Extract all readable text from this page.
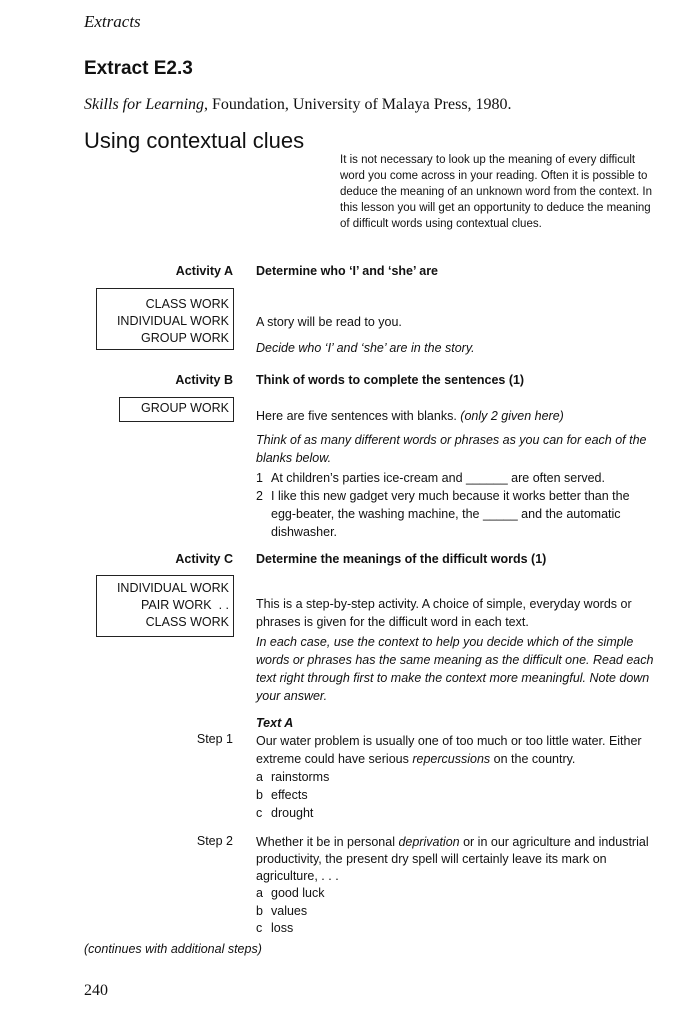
Extracts
Extract E2.3
Skills for Learning, Foundation, University of Malaya Press, 1980.
Using contextual clues
It is not necessary to look up the meaning of every difficult word you come across in your reading. Often it is possible to deduce the meaning of an unknown word from the context. In this lesson you will get an opportunity to deduce the meaning of difficult words using contextual clues.
Activity A Determine who ‘I’ and ‘she’ are
CLASS WORK
INDIVIDUAL WORK
GROUP WORK
A story will be read to you.
Decide who ‘I’ and ‘she’ are in the story.
Activity B Think of words to complete the sentences (1)
GROUP WORK
Here are five sentences with blanks. (only 2 given here)
Think of as many different words or phrases as you can for each of the blanks below.
1 At children’s parties ice-cream and ______ are often served.
2 I like this new gadget very much because it works better than the egg-beater, the washing machine, the _____ and the automatic dishwasher.
Activity C Determine the meanings of the difficult words (1)
INDIVIDUAL WORK
PAIR WORK  . .
CLASS WORK
This is a step-by-step activity. A choice of simple, everyday words or phrases is given for the difficult word in each text.
In each case, use the context to help you decide which of the simple words or phrases has the same meaning as the difficult one. Read each text right through first to make the context more meaningful. Note down your answer.
Text A
Step 1 Our water problem is usually one of too much or too little water. Either extreme could have serious repercussions on the country.
a rainstorms
b effects
c drought
Step 2 Whether it be in personal deprivation or in our agriculture and industrial productivity, the present dry spell will certainly leave its mark on agriculture, . . .
a good luck
b values
c loss
(continues with additional steps)
240
